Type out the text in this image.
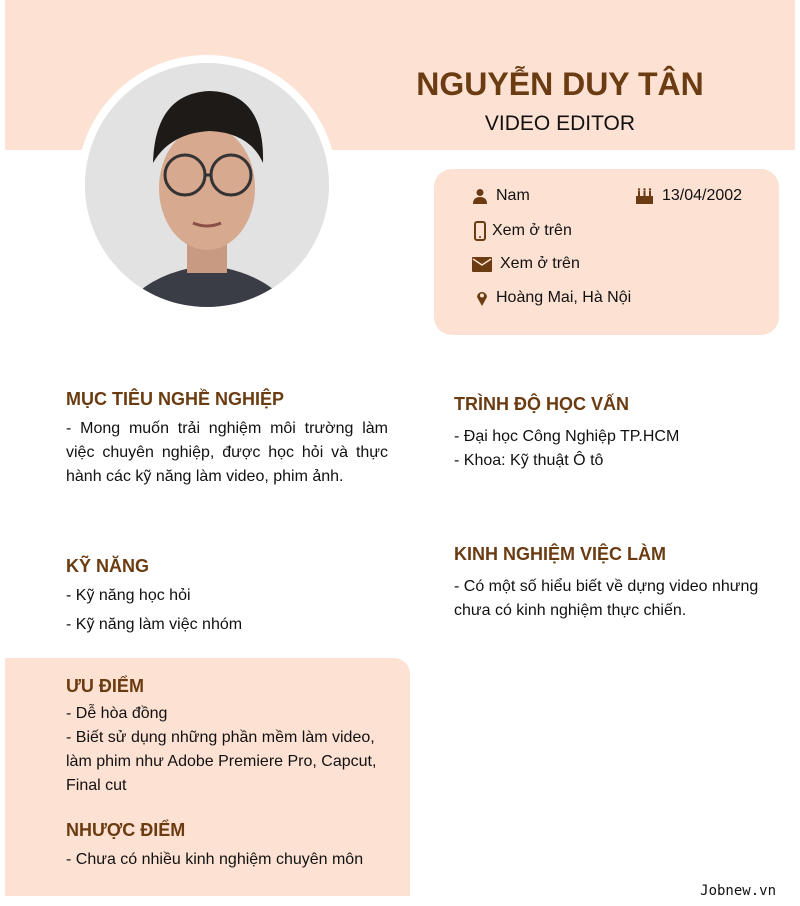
NGUYỄN DUY TÂN
VIDEO EDITOR
Nam	13/04/2002
Xem ở trên
Xem ở trên
Hoàng Mai, Hà Nội
MỤC TIÊU NGHỀ NGHIỆP
- Mong muốn trải nghiệm môi trường làm việc chuyên nghiệp, được học hỏi và thực hành các kỹ năng làm video, phim ảnh.
TRÌNH ĐỘ HỌC VẤN
- Đại học Công Nghiệp TP.HCM
- Khoa: Kỹ thuật Ô tô
KỸ NĂNG
- Kỹ năng học hỏi
- Kỹ năng làm việc nhóm
KINH NGHIỆM VIỆC LÀM
- Có một số hiểu biết về dựng video nhưng chưa có kinh nghiệm thực chiến.
ƯU ĐIỂM
- Dễ hòa đồng
- Biết sử dụng những phần mềm làm video, làm phim như Adobe Premiere Pro, Capcut, Final cut
NHƯỢC ĐIỂM
- Chưa có nhiều kinh nghiệm chuyên môn
Jobnew.vn
